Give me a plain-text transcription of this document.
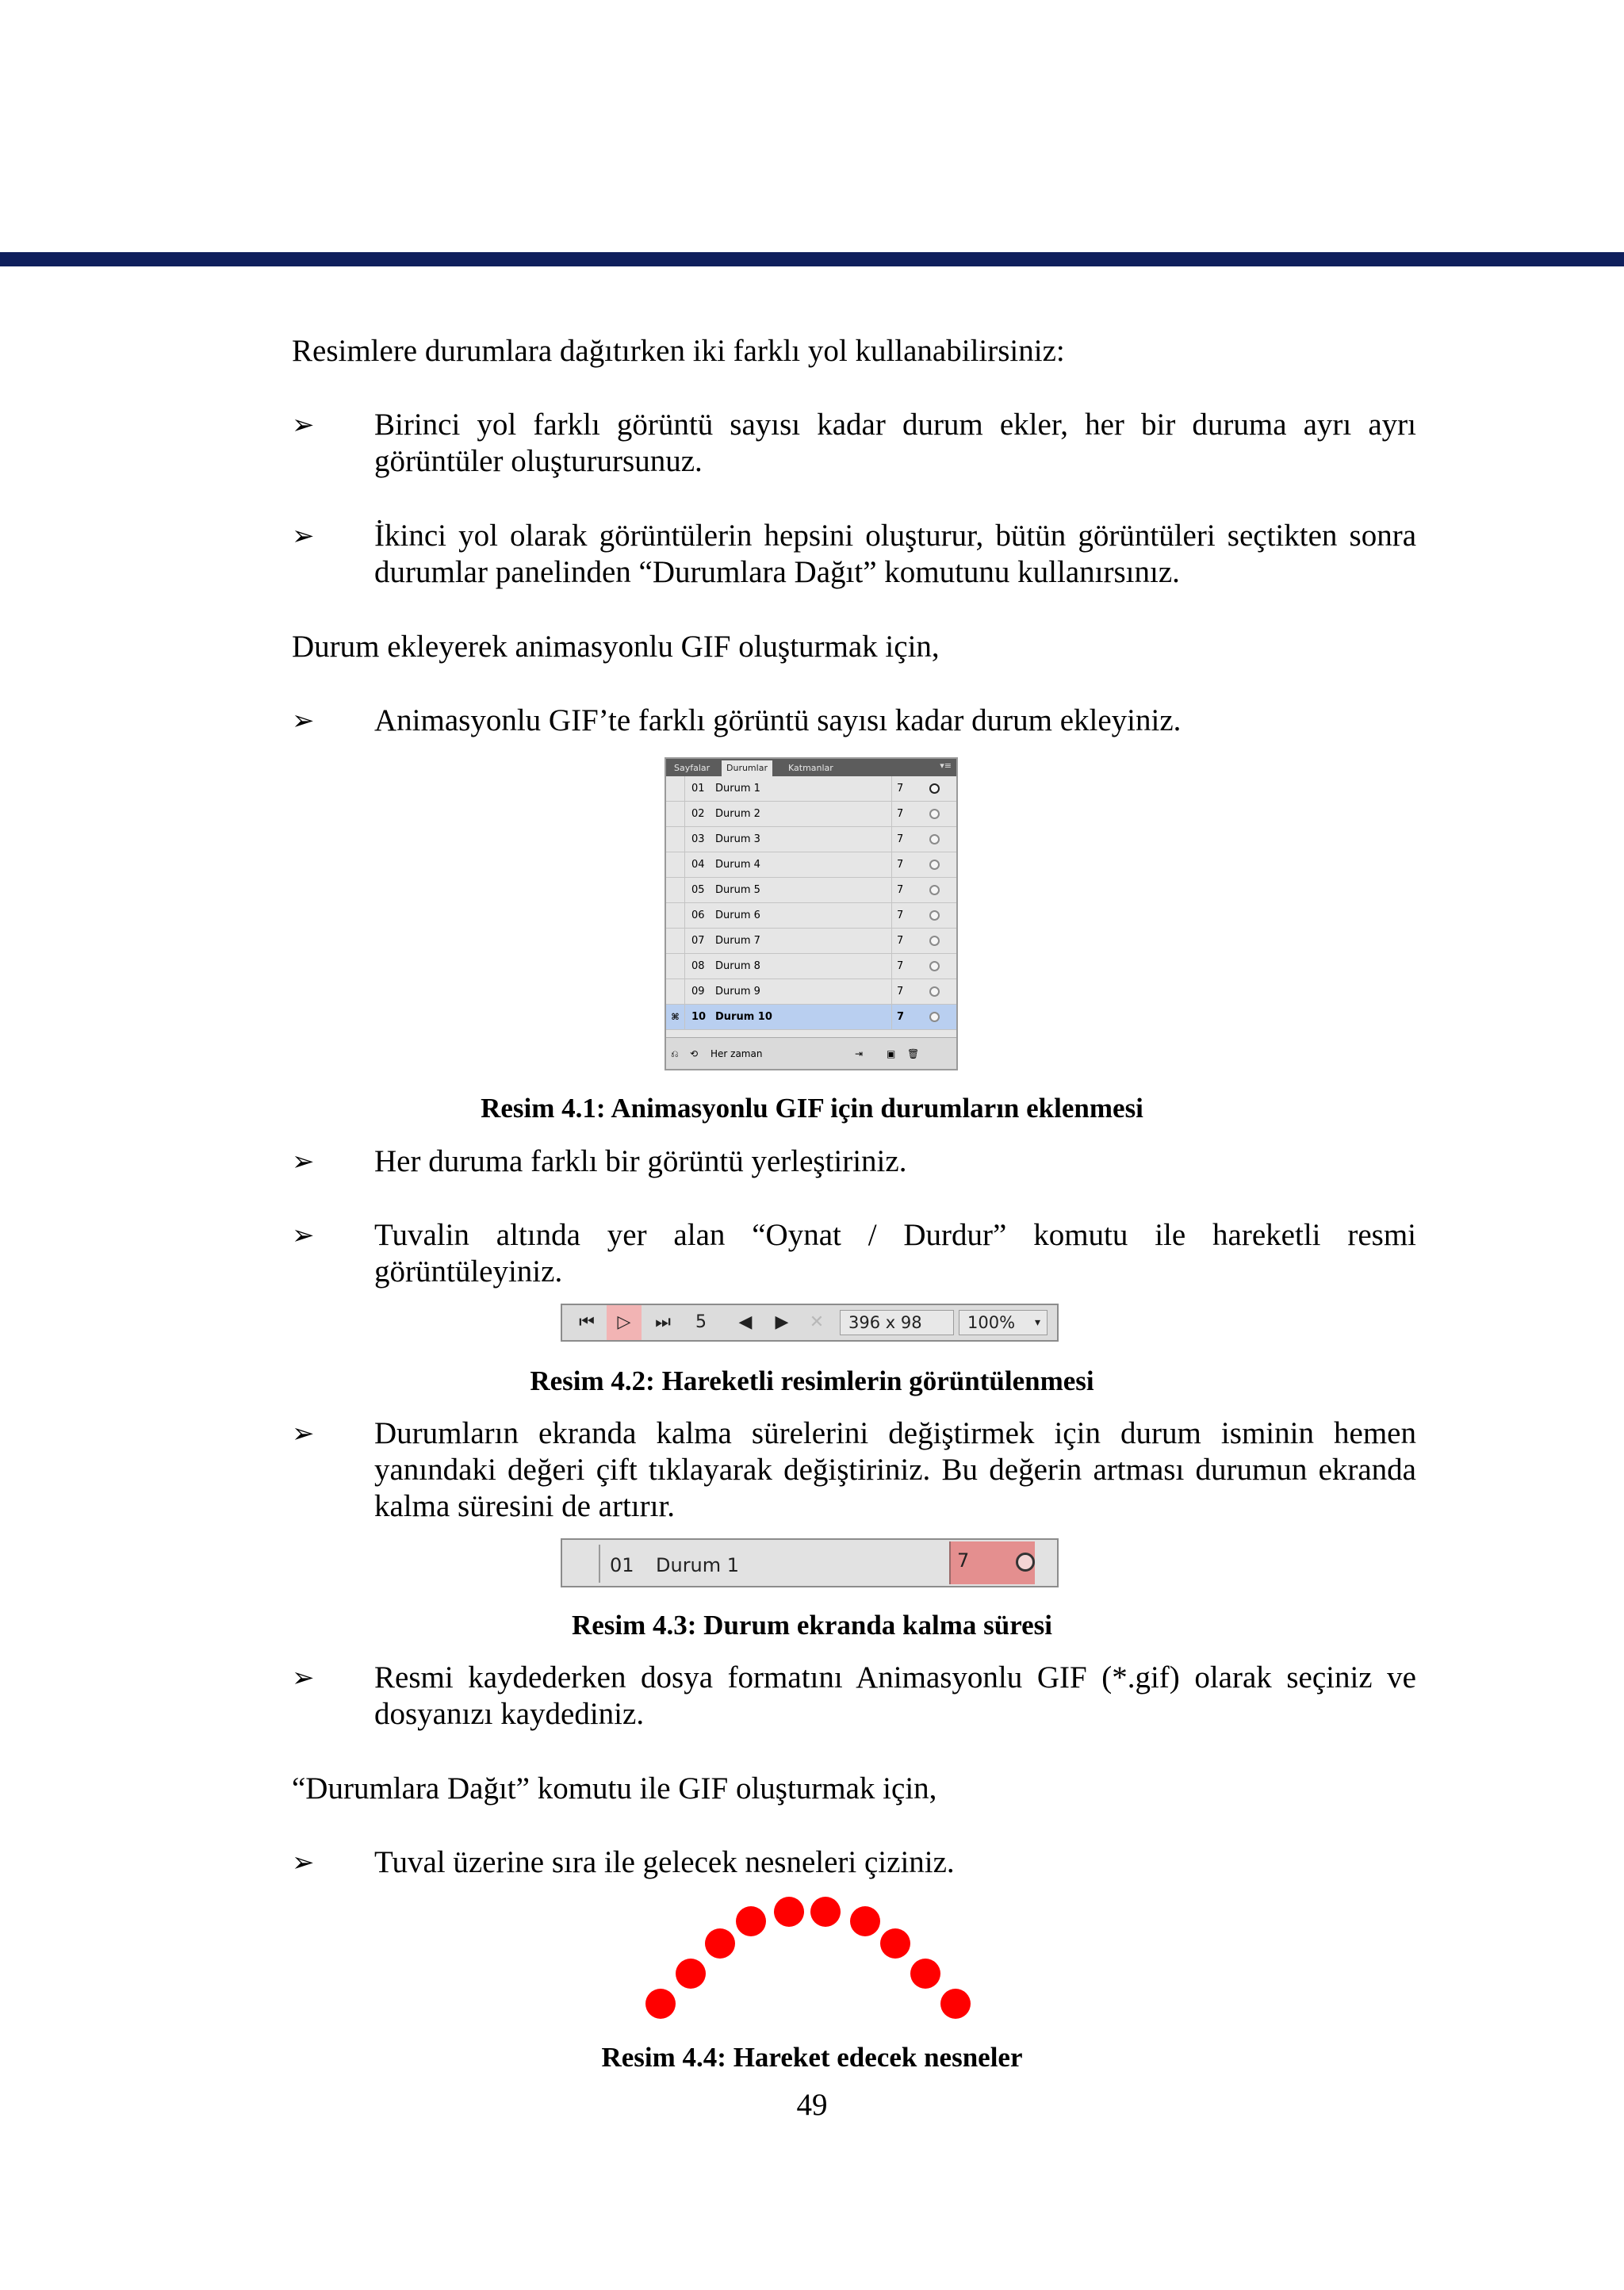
Resimlere durumlara dağıtırken iki farklı yol kullanabilirsiniz:
➢ Birinci yol farklı görüntü sayısı kadar durum ekler, her bir duruma ayrı ayrı görüntüler oluşturursunuz.
➢ İkinci yol olarak görüntülerin hepsini oluşturur, bütün görüntüleri seçtikten sonra durumlar panelinden “Durumlara Dağıt” komutunu kullanırsınız.
Durum ekleyerek animasyonlu GIF oluşturmak için,
➢ Animasyonlu GIF’te farklı görüntü sayısı kadar durum ekleyiniz.
Sayfalar	Durumlar	Katmanlar	▾≡
01 Durum 1	7
02 Durum 2	7
03 Durum 3	7
04 Durum 4	7
05 Durum 5	7
06 Durum 6	7
07 Durum 7	7
08 Durum 8	7
09 Durum 9	7
⌘	10 Durum 10	7
⎌ ⟲ Her zaman	⇥ ▣ 🗑
Resim 4.1: Animasyonlu GIF için durumların eklenmesi
➢ Her duruma farklı bir görüntü yerleştiriniz.
➢ Tuvalin altında yer alan “Oynat / Durdur” komutu ile hareketli resmi görüntüleyiniz.
⏮	▷	⏭	5	◀ ▶ ✕	396 x 98	100% ▾
Resim 4.2: Hareketli resimlerin görüntülenmesi
➢ Durumların ekranda kalma sürelerini değiştirmek için durum isminin hemen yanındaki değeri çift tıklayarak değiştiriniz. Bu değerin artması durumun ekranda kalma süresini de artırır.
01 Durum 1	7
Resim 4.3: Durum ekranda kalma süresi
➢ Resmi kaydederken dosya formatını Animasyonlu GIF (*.gif) olarak seçiniz ve dosyanızı kaydediniz.
“Durumlara Dağıt” komutu ile GIF oluşturmak için,
➢ Tuval üzerine sıra ile gelecek nesneleri çiziniz.
Resim 4.4: Hareket edecek nesneler
49
